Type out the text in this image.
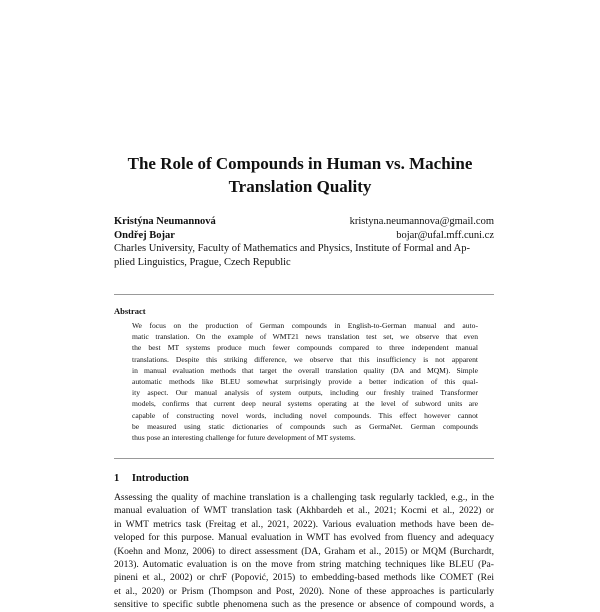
The Role of Compounds in Human vs. Machine
Translation Quality
Kristýna Neumannová	kristyna.neumannova@gmail.com
Ondřej Bojar	bojar@ufal.mff.cuni.cz
Charles University, Faculty of Mathematics and Physics, Institute of Formal and Ap-
plied Linguistics, Prague, Czech Republic
Abstract
We focus on the production of German compounds in English-to-German manual and auto-
matic translation. On the example of WMT21 news translation test set, we observe that even
the best MT systems produce much fewer compounds compared to three independent manual
translations. Despite this striking difference, we observe that this insufficiency is not apparent
in manual evaluation methods that target the overall translation quality (DA and MQM). Simple
automatic methods like BLEU somewhat surprisingly provide a better indication of this qual-
ity aspect. Our manual analysis of system outputs, including our freshly trained Transformer
models, confirms that current deep neural systems operating at the level of subword units are
capable of constructing novel words, including novel compounds. This effect however cannot
be measured using static dictionaries of compounds such as GermaNet. German compounds
thus pose an interesting challenge for future development of MT systems.
1 Introduction
Assessing the quality of machine translation is a challenging task regularly tackled, e.g., in the
manual evaluation of WMT translation task (Akhbardeh et al., 2021; Kocmi et al., 2022) or
in WMT metrics task (Freitag et al., 2021, 2022). Various evaluation methods have been de-
veloped for this purpose. Manual evaluation in WMT has evolved from fluency and adequacy
(Koehn and Monz, 2006) to direct assessment (DA, Graham et al., 2015) or MQM (Burchardt,
2013). Automatic evaluation is on the move from string matching techniques like BLEU (Pa-
pineni et al., 2002) or chrF (Popović, 2015) to embedding-based methods like COMET (Rei
et al., 2020) or Prism (Thompson and Post, 2020). None of these approaches is particularly
sensitive to specific subtle phenomena such as the presence or absence of compound words, a
